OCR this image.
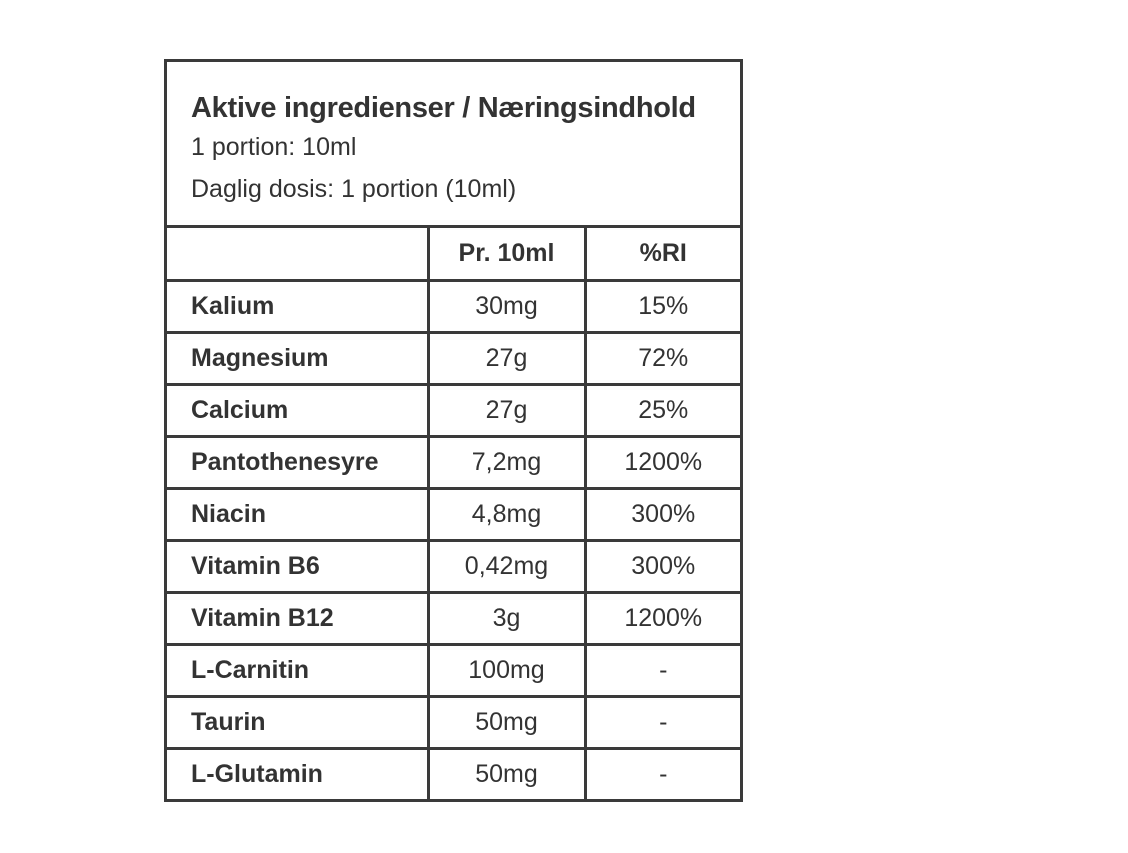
Aktive ingredienser / Næringsindhold
1 portion: 10ml
Daglig dosis: 1 portion (10ml)
	Pr. 10ml	%RI
Kalium	30mg	15%
Magnesium	27g	72%
Calcium	27g	25%
Pantothenesyre	7,2mg	1200%
Niacin	4,8mg	300%
Vitamin B6	0,42mg	300%
Vitamin B12	3g	1200%
L-Carnitin	100mg	-
Taurin	50mg	-
L-Glutamin	50mg	-
